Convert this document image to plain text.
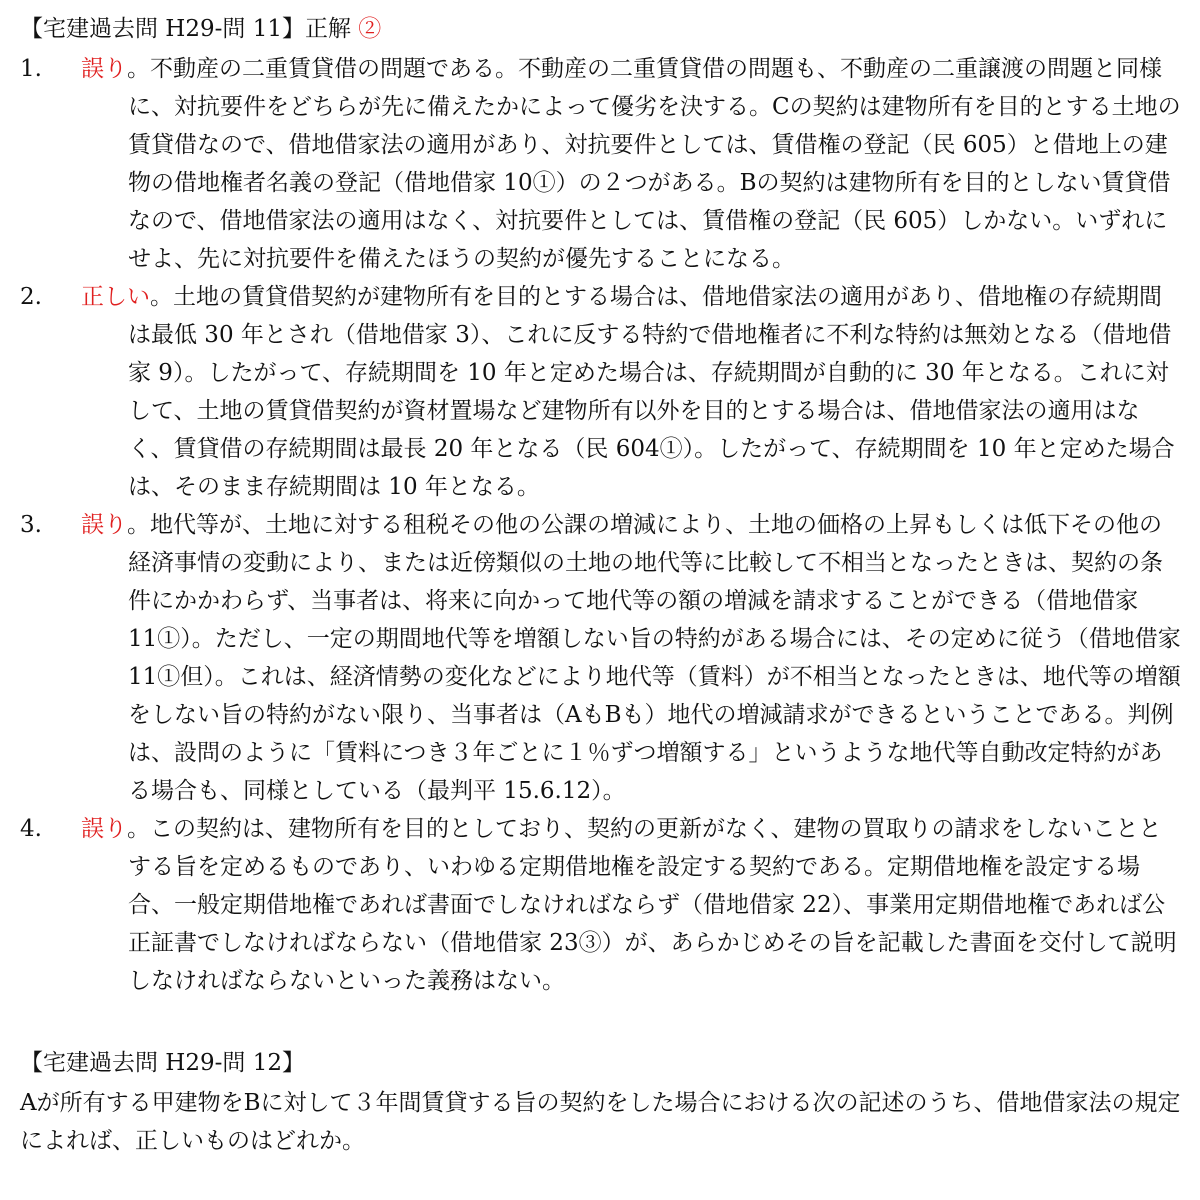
【宅建過去問 H29-問 11】正解 ②
1.	誤り。不動産の二重賃貸借の問題である。不動産の二重賃貸借の問題も、不動産の二重譲渡の問題と同様に、対抗要件をどちらが先に備えたかによって優劣を決する。Cの契約は建物所有を目的とする土地の賃貸借なので、借地借家法の適用があり、対抗要件としては、賃借権の登記（民 605）と借地上の建物の借地権者名義の登記（借地借家 10①）の２つがある。Bの契約は建物所有を目的としない賃貸借なので、借地借家法の適用はなく、対抗要件としては、賃借権の登記（民 605）しかない。いずれにせよ、先に対抗要件を備えたほうの契約が優先することになる。
2.	正しい。土地の賃貸借契約が建物所有を目的とする場合は、借地借家法の適用があり、借地権の存続期間は最低 30 年とされ（借地借家 3）、これに反する特約で借地権者に不利な特約は無効となる（借地借家 9）。したがって、存続期間を 10 年と定めた場合は、存続期間が自動的に 30 年となる。これに対して、土地の賃貸借契約が資材置場など建物所有以外を目的とする場合は、借地借家法の適用はなく、賃貸借の存続期間は最長 20 年となる（民 604①）。したがって、存続期間を 10 年と定めた場合は、そのまま存続期間は 10 年となる。
3.	誤り。地代等が、土地に対する租税その他の公課の増減により、土地の価格の上昇もしくは低下その他の経済事情の変動により、または近傍類似の土地の地代等に比較して不相当となったときは、契約の条件にかかわらず、当事者は、将来に向かって地代等の額の増減を請求することができる（借地借家 11①）。ただし、一定の期間地代等を増額しない旨の特約がある場合には、その定めに従う（借地借家 11①但）。これは、経済情勢の変化などにより地代等（賃料）が不相当となったときは、地代等の増額をしない旨の特約がない限り、当事者は（AもBも）地代の増減請求ができるということである。判例は、設問のように「賃料につき３年ごとに１％ずつ増額する」というような地代等自動改定特約がある場合も、同様としている（最判平 15.6.12）。
4.	誤り。この契約は、建物所有を目的としており、契約の更新がなく、建物の買取りの請求をしないこととする旨を定めるものであり、いわゆる定期借地権を設定する契約である。定期借地権を設定する場合、一般定期借地権であれば書面でしなければならず（借地借家 22）、事業用定期借地権であれば公正証書でしなければならない（借地借家 23③）が、あらかじめその旨を記載した書面を交付して説明しなければならないといった義務はない。
【宅建過去問 H29-問 12】

Aが所有する甲建物をBに対して３年間賃貸する旨の契約をした場合における次の記述のうち、借地借家法の規定によれば、正しいものはどれか。
